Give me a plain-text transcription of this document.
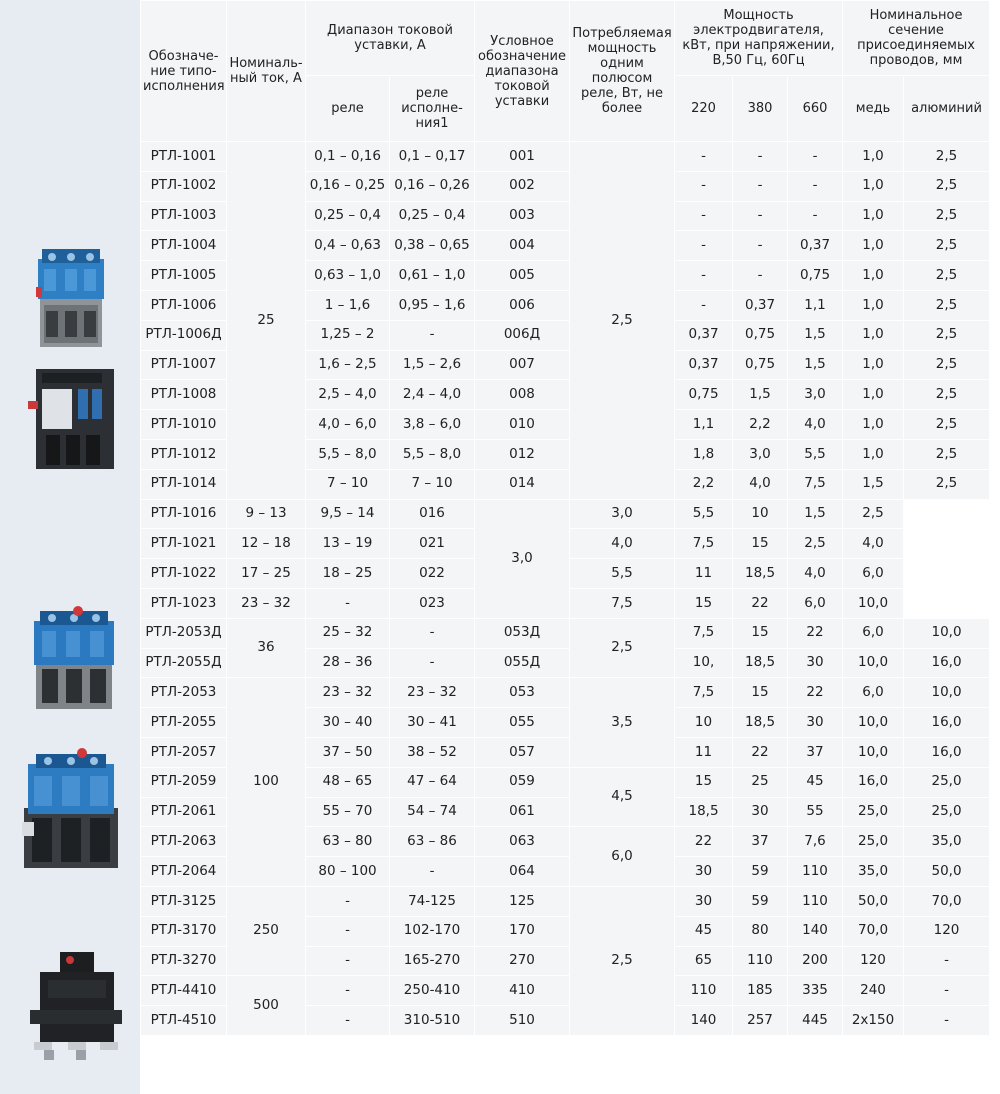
Обозначе-ние типо-исполнения	Номиналь-ный ток, А	Диапазон токовой уставки, А		Условное обозначение диапазона токовой уставки	Потребляемая мощность одним полюсом реле, Вт, не более	Мощность электродвигателя, кВт, при напряжении, В,50 Гц, 60Гц			Номинальное сечение присоединяемых проводов, мм	
		реле	реле исполне-ния1			220	380	660	медь	алюминий
РТЛ-1001	25	0,1 – 0,16	0,1 – 0,17	001	2,5	-	-	-	1,0	2,5
РТЛ-1002		0,16 – 0,25	0,16 – 0,26	002		-	-	-	1,0	2,5
РТЛ-1003		0,25 – 0,4	0,25 – 0,4	003		-	-	-	1,0	2,5
РТЛ-1004		0,4 – 0,63	0,38 – 0,65	004		-	-	0,37	1,0	2,5
РТЛ-1005		0,63 – 1,0	0,61 – 1,0	005		-	-	0,75	1,0	2,5
РТЛ-1006		1 – 1,6	0,95 – 1,6	006		-	0,37	1,1	1,0	2,5
РТЛ-1006Д		1,25 – 2	-	006Д		0,37	0,75	1,5	1,0	2,5
РТЛ-1007		1,6 – 2,5	1,5 – 2,6	007		0,37	0,75	1,5	1,0	2,5
РТЛ-1008		2,5 – 4,0	2,4 – 4,0	008		0,75	1,5	3,0	1,0	2,5
РТЛ-1010		4,0 – 6,0	3,8 – 6,0	010		1,1	2,2	4,0	1,0	2,5
РТЛ-1012		5,5 – 8,0	5,5 – 8,0	012		1,8	3,0	5,5	1,0	2,5
РТЛ-1014		7 – 10	7 – 10	014		2,2	4,0	7,5	1,5	2,5
РТЛ-1016	9 – 13	9,5 – 14	016	3,0	3,0	5,5	10	1,5	2,5	
РТЛ-1021	12 – 18	13 – 19	021		4,0	7,5	15	2,5	4,0	
РТЛ-1022	17 – 25	18 – 25	022		5,5	11	18,5	4,0	6,0	
РТЛ-1023	23 – 32	-	023		7,5	15	22	6,0	10,0	
РТЛ-2053Д	36	25 – 32	-	053Д	2,5	7,5	15	22	6,0	10,0
РТЛ-2055Д		28 – 36	-	055Д		10,	18,5	30	10,0	16,0
РТЛ-2053	100	23 – 32	23 – 32	053	3,5	7,5	15	22	6,0	10,0
РТЛ-2055		30 – 40	30 – 41	055		10	18,5	30	10,0	16,0
РТЛ-2057		37 – 50	38 – 52	057		11	22	37	10,0	16,0
РТЛ-2059		48 – 65	47 – 64	059	4,5	15	25	45	16,0	25,0
РТЛ-2061		55 – 70	54 – 74	061		18,5	30	55	25,0	25,0
РТЛ-2063		63 – 80	63 – 86	063	6,0	22	37	7,6	25,0	35,0
РТЛ-2064		80 – 100	-	064		30	59	110	35,0	50,0
РТЛ-3125	250	-	74-125	125	2,5	30	59	110	50,0	70,0
РТЛ-3170		-	102-170	170		45	80	140	70,0	120
РТЛ-3270		-	165-270	270		65	110	200	120	-
РТЛ-4410	500	-	250-410	410		110	185	335	240	-
РТЛ-4510		-	310-510	510		140	257	445	2x150	-
